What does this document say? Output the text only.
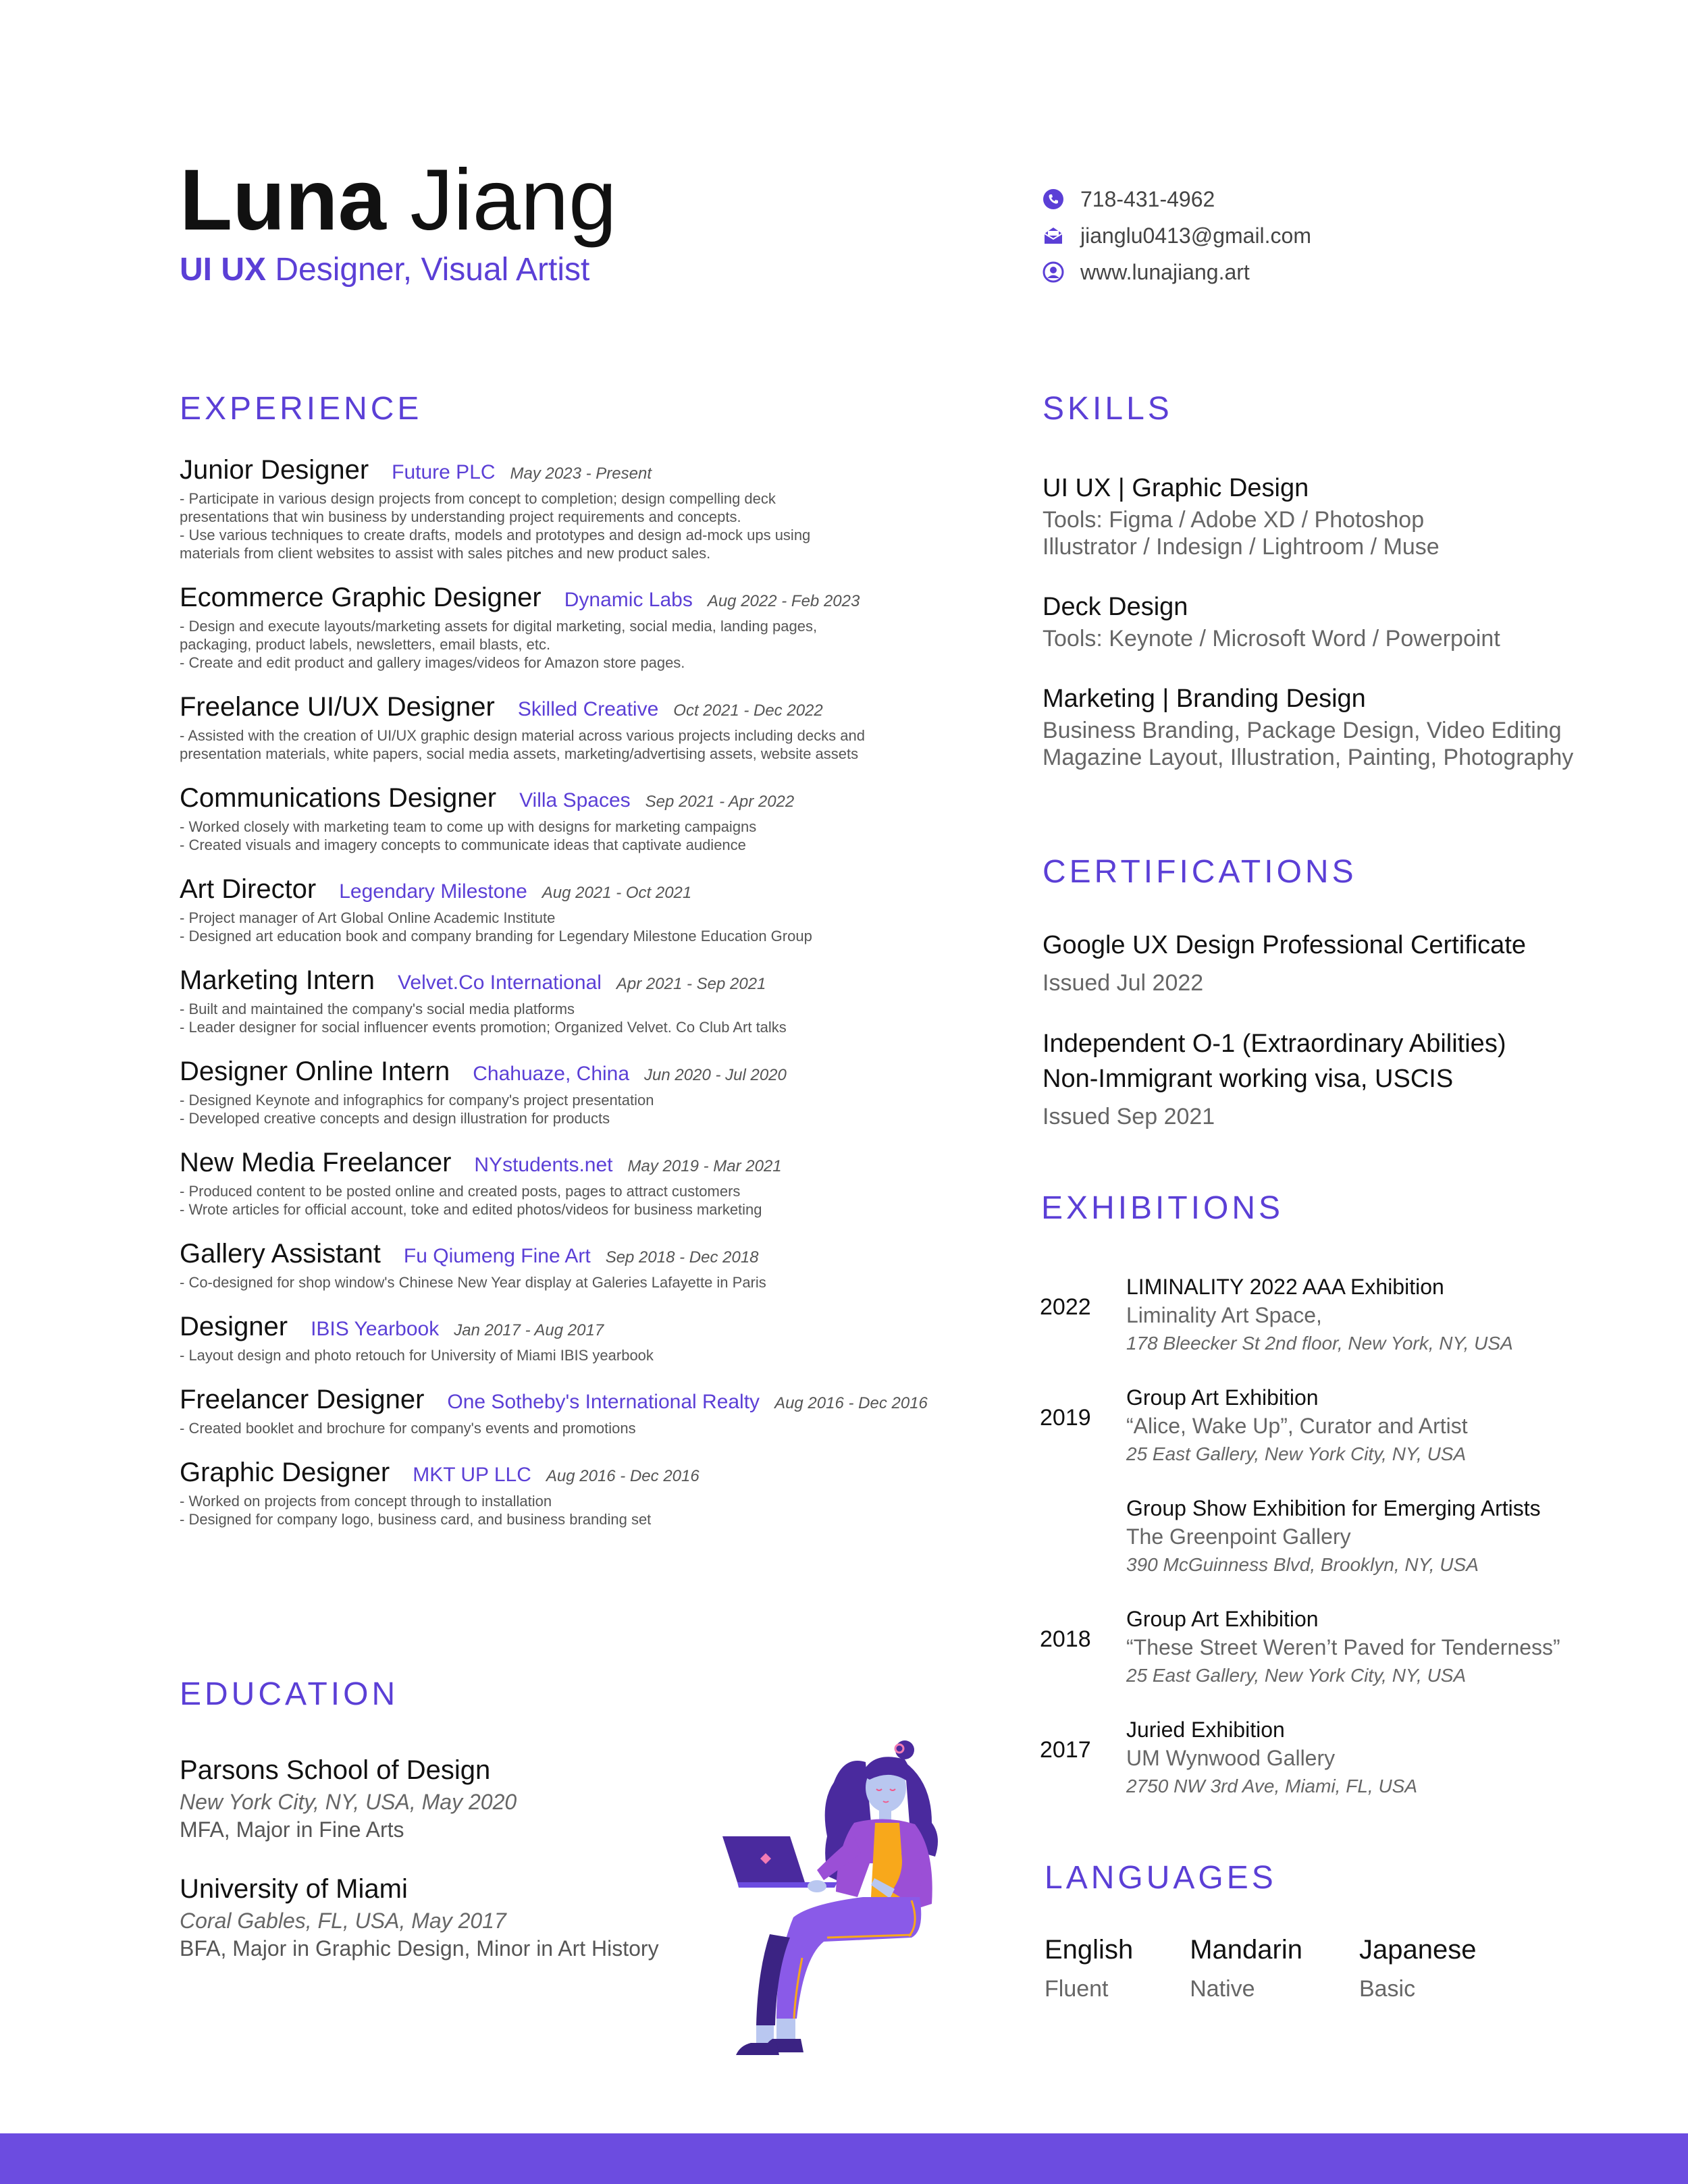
Luna Jiang
UI UX Designer, Visual Artist
718-431-4962
jianglu0413@gmail.com
www.lunajiang.art
EXPERIENCE
Junior Designer Future PLC May 2023 - Present
- Participate in various design projects from concept to completion; design compelling deck
presentations that win business by understanding project requirements and concepts.
- Use various techniques to create drafts, models and prototypes and design ad-mock ups using
materials from client websites to assist with sales pitches and new product sales.
Ecommerce Graphic Designer Dynamic Labs Aug 2022 - Feb 2023
- Design and execute layouts/marketing assets for digital marketing, social media, landing pages,
packaging, product labels, newsletters, email blasts, etc.
- Create and edit product and gallery images/videos for Amazon store pages.
Freelance UI/UX Designer Skilled Creative Oct 2021 - Dec 2022
- Assisted with the creation of UI/UX graphic design material across various projects including decks and
presentation materials, white papers, social media assets, marketing/advertising assets, website assets
Communications Designer Villa Spaces Sep 2021 - Apr 2022
- Worked closely with marketing team to come up with designs for marketing campaigns
- Created visuals and imagery concepts to communicate ideas that captivate audience
Art Director Legendary Milestone Aug 2021 - Oct 2021
- Project manager of Art Global Online Academic Institute
- Designed art education book and company branding for Legendary Milestone Education Group
Marketing Intern Velvet.Co International Apr 2021 - Sep 2021
- Built and maintained the company's social media platforms
- Leader designer for social influencer events promotion; Organized Velvet. Co Club Art talks
Designer Online Intern Chahuaze, China Jun 2020 - Jul 2020
- Designed Keynote and infographics for company's project presentation
- Developed creative concepts and design illustration for products
New Media Freelancer NYstudents.net May 2019 - Mar 2021
- Produced content to be posted online and created posts, pages to attract customers
- Wrote articles for official account, toke and edited photos/videos for business marketing
Gallery Assistant Fu Qiumeng Fine Art Sep 2018 - Dec 2018
- Co-designed for shop window's Chinese New Year display at Galeries Lafayette in Paris
Designer IBIS Yearbook Jan 2017 - Aug 2017
- Layout design and photo retouch for University of Miami IBIS yearbook
Freelancer Designer One Sotheby's International Realty Aug 2016 - Dec 2016
- Created booklet and brochure for company's events and promotions
Graphic Designer MKT UP LLC Aug 2016 - Dec 2016
- Worked on projects from concept through to installation
- Designed for company logo, business card, and business branding set
EDUCATION
Parsons School of Design
New York City, NY, USA, May 2020
MFA, Major in Fine Arts
University of Miami
Coral Gables, FL, USA, May 2017
BFA, Major in Graphic Design, Minor in Art History
SKILLS
UI UX | Graphic Design
Tools: Figma / Adobe XD / Photoshop
Illustrator / Indesign / Lightroom / Muse
Deck Design
Tools: Keynote / Microsoft Word / Powerpoint
Marketing | Branding Design
Business Branding, Package Design, Video Editing
Magazine Layout, Illustration, Painting, Photography
CERTIFICATIONS
Google UX Design Professional Certificate
Issued Jul 2022
Independent O-1 (Extraordinary Abilities)
Non-Immigrant working visa, USCIS
Issued Sep 2021
EXHIBITIONS
2022
LIMINALITY 2022 AAA Exhibition
Liminality Art Space,
178 Bleecker St 2nd floor, New York, NY, USA
2019
Group Art Exhibition
“Alice, Wake Up”, Curator and Artist
25 East Gallery, New York City, NY, USA
Group Show Exhibition for Emerging Artists
The Greenpoint Gallery
390 McGuinness Blvd, Brooklyn, NY, USA
2018
Group Art Exhibition
“These Street Weren’t Paved for Tenderness”
25 East Gallery, New York City, NY, USA
2017
Juried Exhibition
UM Wynwood Gallery
2750 NW 3rd Ave, Miami, FL, USA
LANGUAGES
English
Fluent
Mandarin
Native
Japanese
Basic
